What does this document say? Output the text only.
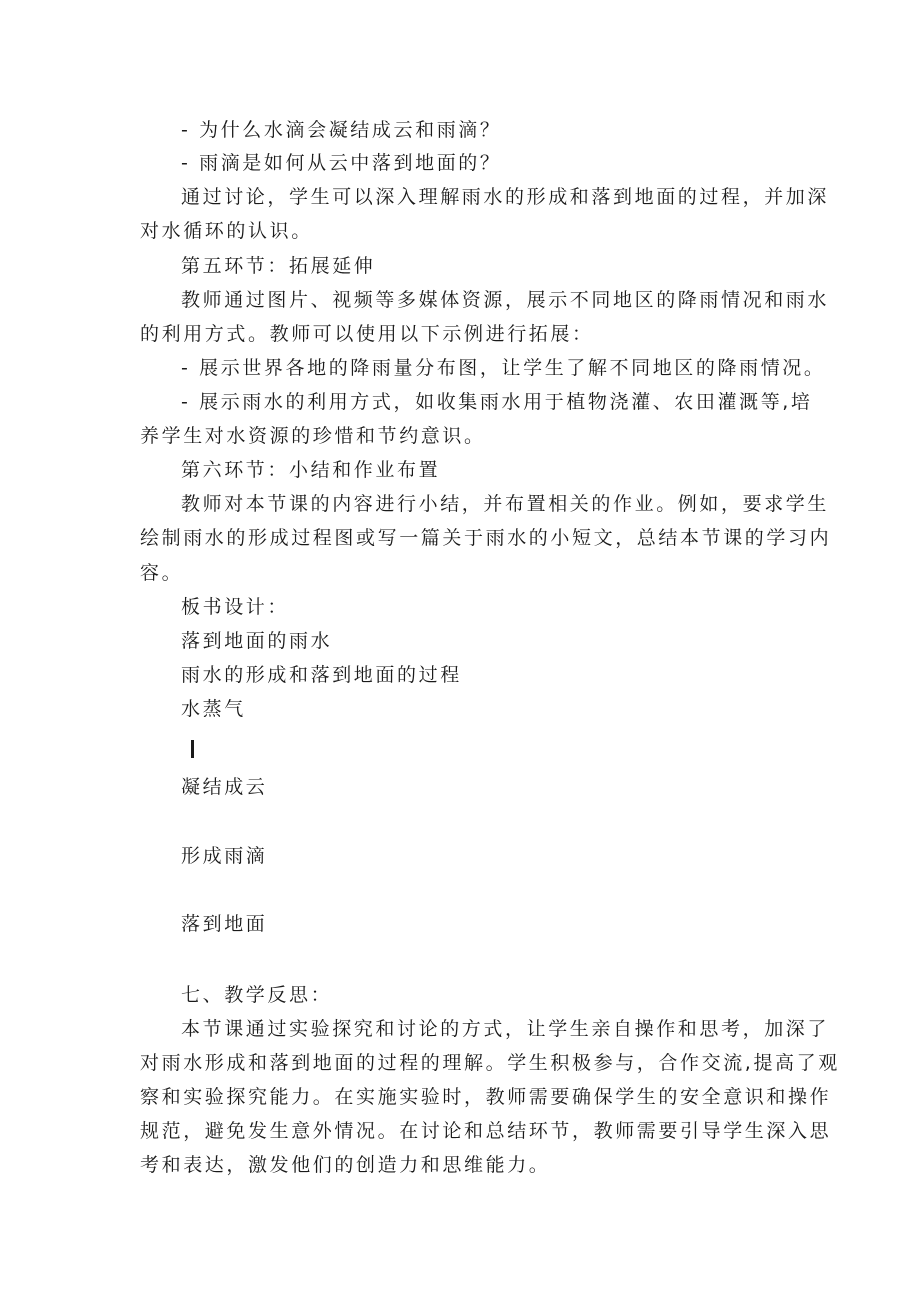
- 为什么水滴会凝结成云和雨滴？
- 雨滴是如何从云中落到地面的？
通过讨论，学生可以深入理解雨水的形成和落到地面的过程，并加深
对水循环的认识。
第五环节：拓展延伸
教师通过图片、视频等多媒体资源，展示不同地区的降雨情况和雨水
的利用方式。教师可以使用以下示例进行拓展：
- 展示世界各地的降雨量分布图，让学生了解不同地区的降雨情况。
- 展示雨水的利用方式，如收集雨水用于植物浇灌、农田灌溉等,培
养学生对水资源的珍惜和节约意识。
第六环节：小结和作业布置
教师对本节课的内容进行小结，并布置相关的作业。例如，要求学生
绘制雨水的形成过程图或写一篇关于雨水的小短文，总结本节课的学习内
容。
板书设计：
落到地面的雨水
雨水的形成和落到地面的过程
水蒸气
凝结成云
形成雨滴
落到地面
七、教学反思：
本节课通过实验探究和讨论的方式，让学生亲自操作和思考，加深了
对雨水形成和落到地面的过程的理解。学生积极参与，合作交流,提高了观
察和实验探究能力。在实施实验时，教师需要确保学生的安全意识和操作
规范，避免发生意外情况。在讨论和总结环节，教师需要引导学生深入思
考和表达，激发他们的创造力和思维能力。
